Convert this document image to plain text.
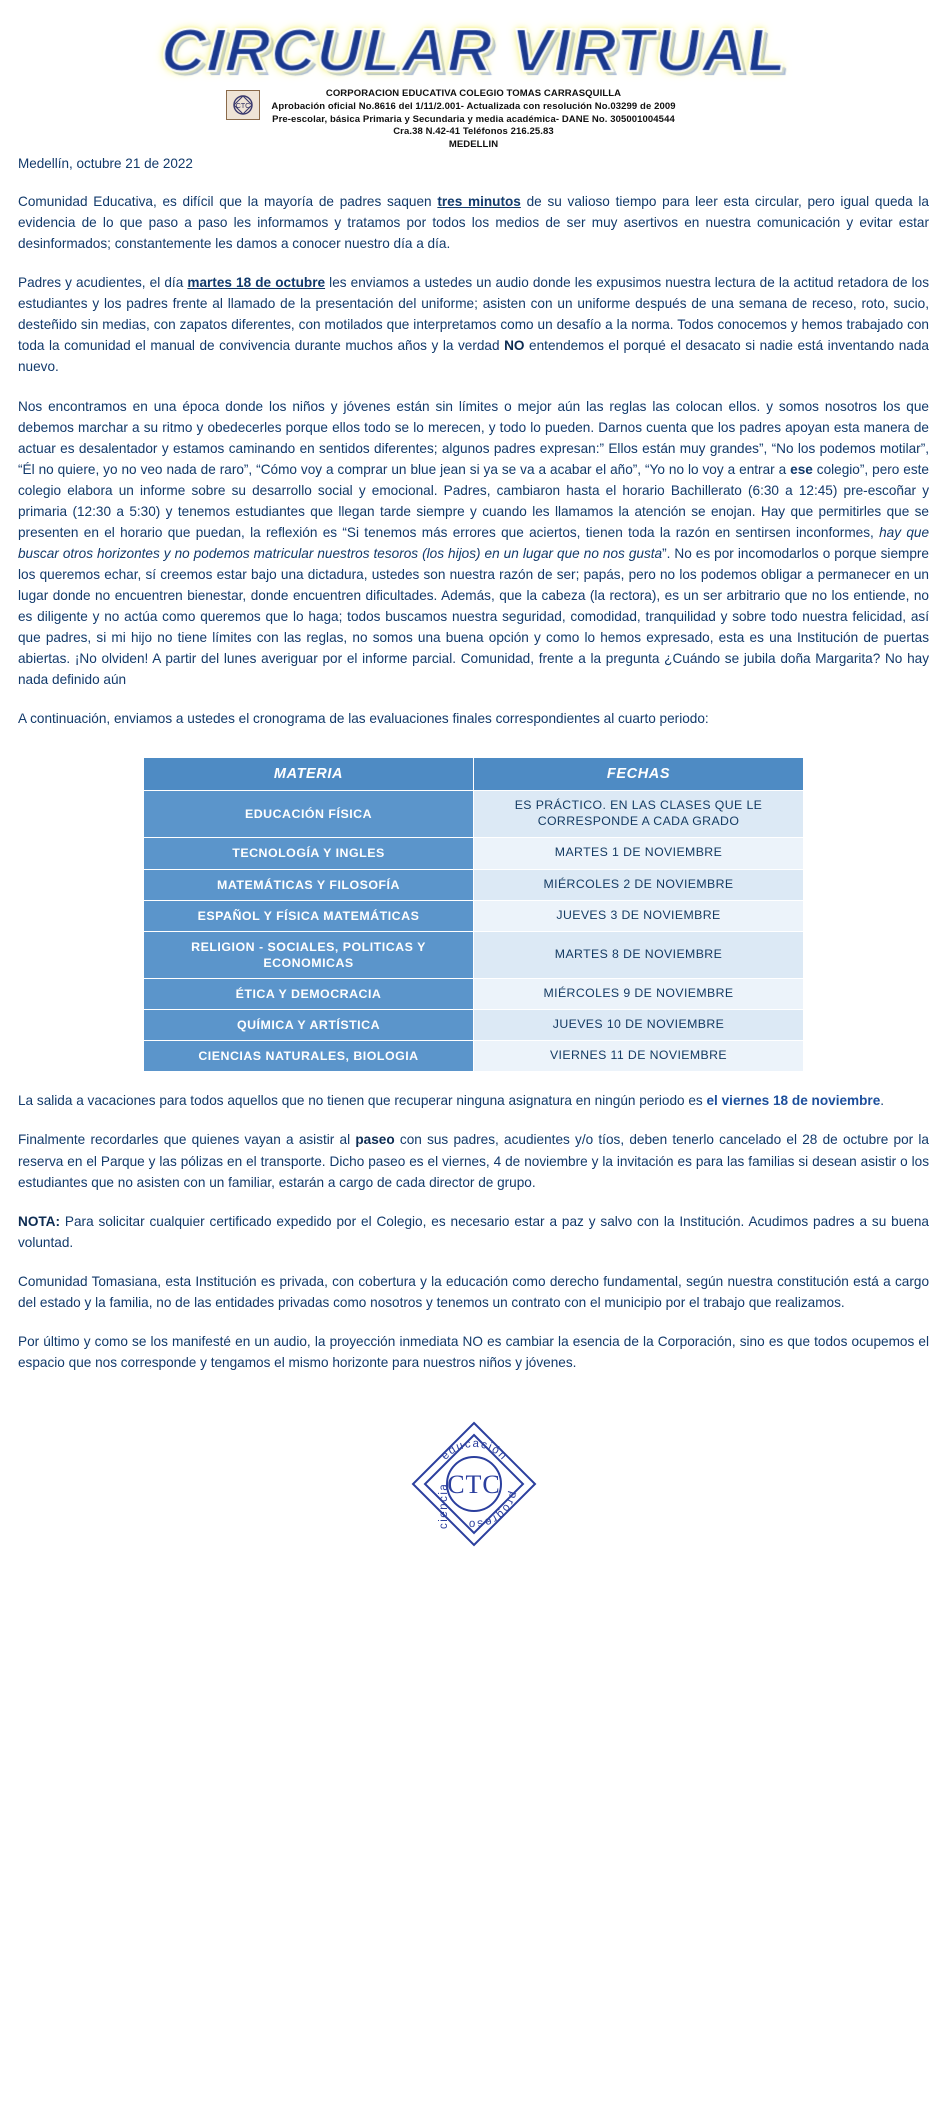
CIRCULAR VIRTUAL
CTC
CORPORACION EDUCATIVA COLEGIO TOMAS CARRASQUILLA
Aprobación oficial No.8616 del 1/11/2.001- Actualizada con resolución No.03299 de 2009
Pre-escolar, básica Primaria y Secundaria y media académica- DANE No. 305001004544
Cra.38 N.42-41 Teléfonos 216.25.83
MEDELLIN
Medellín, octubre 21 de 2022

Comunidad Educativa, es difícil que la mayoría de padres saquen tres minutos de su valioso tiempo para leer esta circular, pero igual queda la evidencia de lo que paso a paso les informamos y tratamos por todos los medios de ser muy asertivos en nuestra comunicación y evitar estar desinformados; constantemente les damos a conocer nuestro día a día.

Padres y acudientes, el día martes 18 de octubre les enviamos a ustedes un audio donde les expusimos nuestra lectura de la actitud retadora de los estudiantes y los padres frente al llamado de la presentación del uniforme; asisten con un uniforme después de una semana de receso, roto, sucio, desteñido sin medias, con zapatos diferentes, con motilados que interpretamos como un desafío a la norma. Todos conocemos y hemos trabajado con toda la comunidad el manual de convivencia durante muchos años y la verdad NO entendemos el porqué el desacato si nadie está inventando nada nuevo.

Nos encontramos en una época donde los niños y jóvenes están sin límites o mejor aún las reglas las colocan ellos. y somos nosotros los que debemos marchar a su ritmo y obedecerles porque ellos todo se lo merecen, y todo lo pueden. Darnos cuenta que los padres apoyan esta manera de actuar es desalentador y estamos caminando en sentidos diferentes; algunos padres expresan:” Ellos están muy grandes”, “No los podemos motilar”, “Él no quiere, yo no veo nada de raro”, “Cómo voy a comprar un blue jean si ya se va a acabar el año”, “Yo no lo voy a entrar a ese colegio”, pero este colegio elabora un informe sobre su desarrollo social y emocional. Padres, cambiaron hasta el horario Bachillerato (6:30 a 12:45) pre-escoñar y primaria (12:30 a 5:30) y tenemos estudiantes que llegan tarde siempre y cuando les llamamos la atención se enojan. Hay que permitirles que se presenten en el horario que puedan, la reflexión es “Si tenemos más errores que aciertos, tienen toda la razón en sentirsen inconformes, hay que buscar otros horizontes y no podemos matricular nuestros tesoros (los hijos) en un lugar que no nos gusta”. No es por incomodarlos o porque siempre los queremos echar, sí creemos estar bajo una dictadura, ustedes son nuestra razón de ser; papás, pero no los podemos obligar a permanecer en un lugar donde no encuentren bienestar, donde encuentren dificultades. Además, que la cabeza (la rectora), es un ser arbitrario que no los entiende, no es diligente y no actúa como queremos que lo haga; todos buscamos nuestra seguridad, comodidad, tranquilidad y sobre todo nuestra felicidad, así que padres, si mi hijo no tiene límites con las reglas, no somos una buena opción y como lo hemos expresado, esta es una Institución de puertas abiertas. ¡No olviden! A partir del lunes averiguar por el informe parcial. Comunidad, frente a la pregunta ¿Cuándo se jubila doña Margarita? No hay nada definido aún

A continuación, enviamos a ustedes el cronograma de las evaluaciones finales correspondientes al cuarto periodo:

MATERIA	FECHAS
EDUCACIÓN FÍSICA	ES PRÁCTICO. EN LAS CLASES QUE LE CORRESPONDE A CADA GRADO
TECNOLOGÍA Y INGLES	MARTES 1 DE NOVIEMBRE
MATEMÁTICAS Y FILOSOFÍA	MIÉRCOLES 2 DE NOVIEMBRE
ESPAÑOL Y FÍSICA MATEMÁTICAS	JUEVES 3 DE NOVIEMBRE
RELIGION - SOCIALES, POLITICAS Y ECONOMICAS	MARTES 8 DE NOVIEMBRE
ÉTICA Y DEMOCRACIA	MIÉRCOLES 9 DE NOVIEMBRE
QUÍMICA Y ARTÍSTICA	JUEVES 10 DE NOVIEMBRE
CIENCIAS NATURALES, BIOLOGIA	VIERNES 11 DE NOVIEMBRE

La salida a vacaciones para todos aquellos que no tienen que recuperar ninguna asignatura en ningún periodo es el viernes 18 de noviembre.

Finalmente recordarles que quienes vayan a asistir al paseo con sus padres, acudientes y/o tíos, deben tenerlo cancelado el 28 de octubre por la reserva en el Parque y las pólizas en el transporte. Dicho paseo es el viernes, 4 de noviembre y la invitación es para las familias si desean asistir o los estudiantes que no asisten con un familiar, estarán a cargo de cada director de grupo.

NOTA: Para solicitar cualquier certificado expedido por el Colegio, es necesario estar a paz y salvo con la Institución. Acudimos padres a su buena voluntad.

Comunidad Tomasiana, esta Institución es privada, con cobertura y la educación como derecho fundamental, según nuestra constitución está a cargo del estado y la familia, no de las entidades privadas como nosotros y tenemos un contrato con el municipio por el trabajo que realizamos.

Por último y como se los manifesté en un audio, la proyección inmediata NO es cambiar la esencia de la Corporación, sino es que todos ocupemos el espacio que nos corresponde y tengamos el mismo horizonte para nuestros niños y jóvenes.

CTC
educación
progreso
ciencia
